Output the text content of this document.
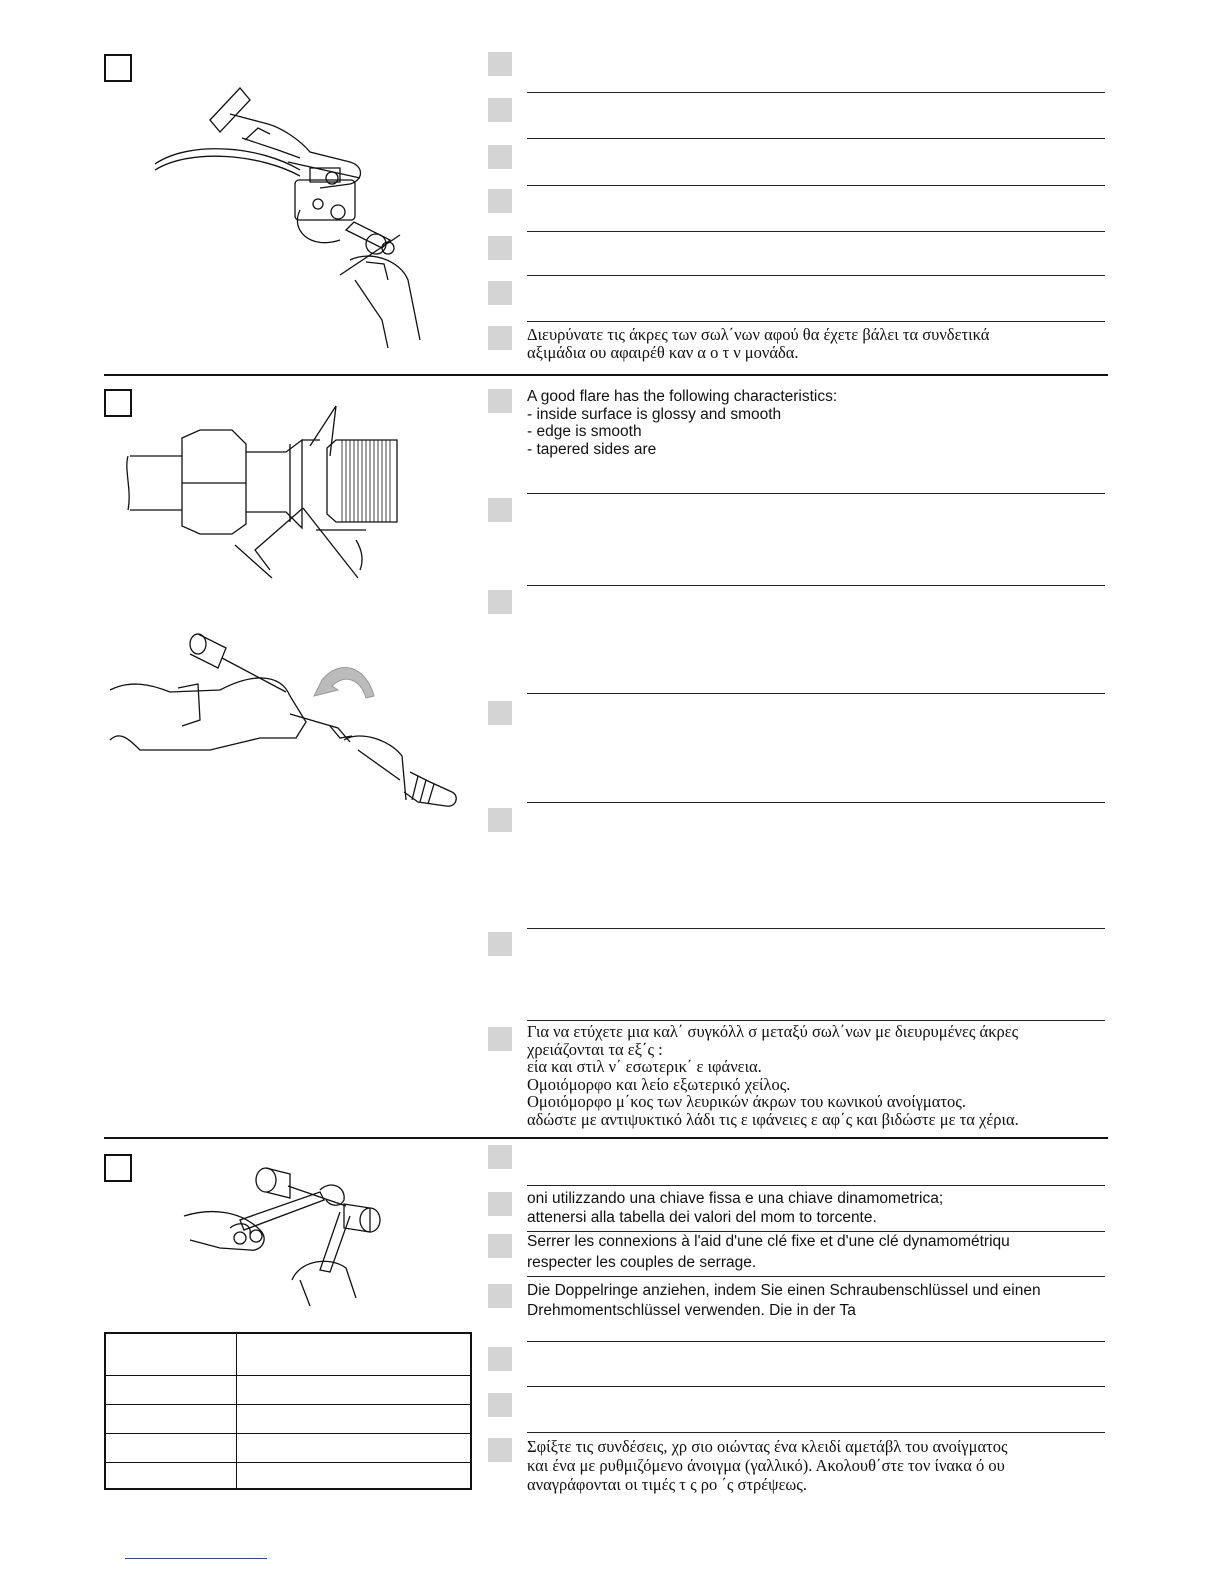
Διευρύνατε τις άκρες των σωλ΄νων αφού θα έχετε βάλει τα συνδετικά
αξιμάδια ου αφαιρέθ καν α ο τ ν μονάδα.
A good flare has the following characteristics:
- inside surface is glossy and smooth
- edge is smooth
- tapered sides are
Για να ετύχετε μια καλ΄ συγκόλλ σ μεταξύ σωλ΄νων με διευρυμένες άκρες
χρειάζονται τα εξ΄ς :
εία και στιλ ν΄ εσωτερικ΄ ε ιφάνεια.
Ομοιόμορφο και λείο εξωτερικό χείλος.
Ομοιόμορφο μ΄κος των λευρικών άκρων του κωνικού ανοίγματος.
αδώστε με αντιψυκτικό λάδι τις ε ιφάνειες ε αφ΄ς και βιδώστε με τα χέρια.

oni utilizzando una chiave fissa e una chiave dinamometrica;
attenersi alla tabella dei valori del mom to torcente.
Serrer les connexions à l'aid d'une clé fixe et d'une clé dynamométriqu
respecter les couples de serrage.
Die Doppelringe anziehen, indem Sie einen Schraubenschlüssel und einen
Drehmomentschlüssel verwenden. Die in der Ta
Σφίξτε τις συνδέσεις, χρ σιο οιώντας ένα κλειδί αμετάβλ του ανοίγματος
και ένα με ρυθμιζόμενο άνοιγμα (γαλλικό). Ακολουθ΄στε τον ίνακα ό ου
αναγράφονται οι τιμές τ ς ρο ΄ς στρέψεως.
